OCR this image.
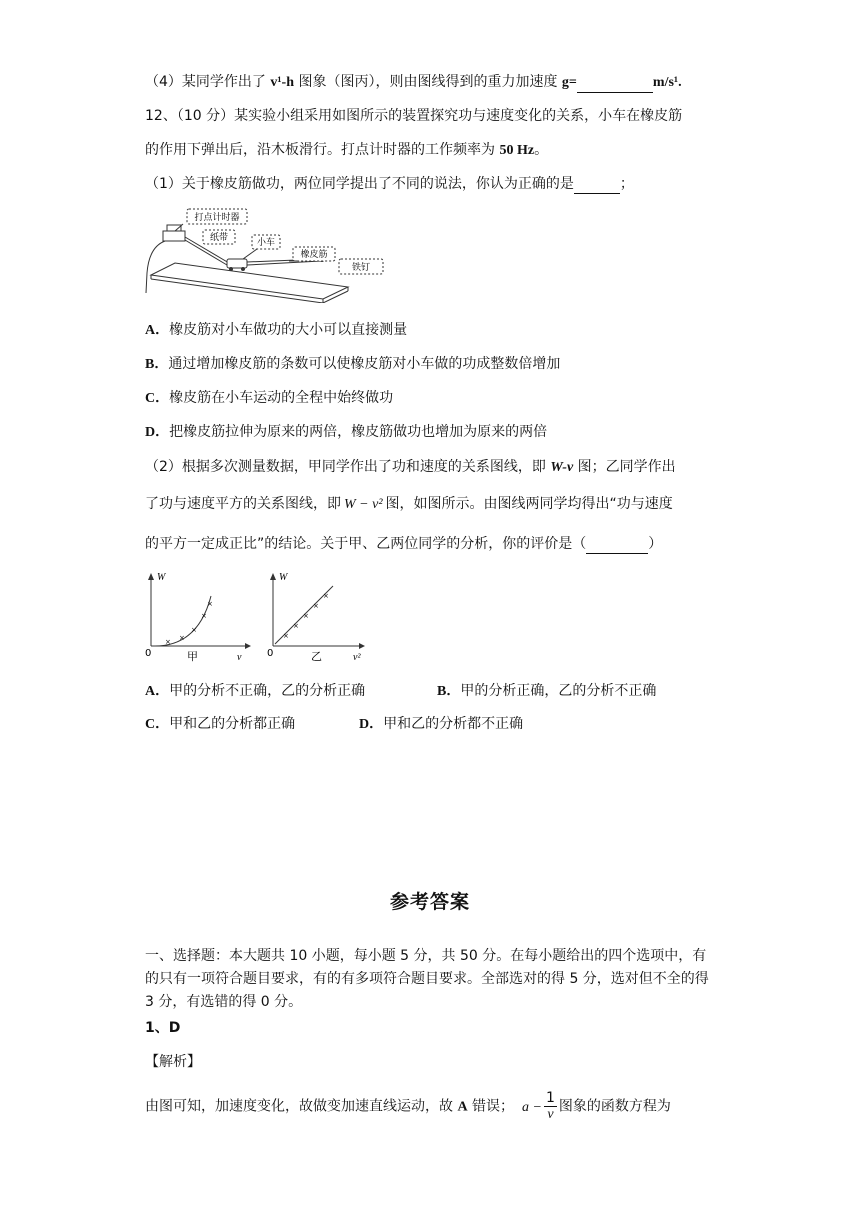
（4）某同学作出了 v¹-h 图象（图丙），则由图线得到的重力加速度 g=	m/s¹.
12、（10 分）某实验小组采用如图所示的装置探究功与速度变化的关系，小车在橡皮筋
的作用下弹出后，沿木板滑行。打点计时器的工作频率为 50 Hz。
（1）关于橡皮筋做功，两位同学提出了不同的说法，你认为正确的是	；
打点计时器
纸带	小车
橡皮筋
铁钉
A．橡皮筋对小车做功的大小可以直接测量
B．通过增加橡皮筋的条数可以使橡皮筋对小车做的功成整数倍增加
C．橡皮筋在小车运动的全程中始终做功
D．把橡皮筋拉伸为原来的两倍，橡皮筋做功也增加为原来的两倍
（2）根据多次测量数据，甲同学作出了功和速度的关系图线，即 W-v 图；乙同学作出
了功与速度平方的关系图线，即 W − v² 图，如图所示。由图线两同学均得出“功与速度
的平方一定成正比”的结论。关于甲、乙两位同学的分析，你的评价是（	）
W
0	甲	v
× ×
×
×
×
W
0	乙	v²
×
×
×
×
×
A．甲的分析不正确，乙的分析正确	B．甲的分析正确，乙的分析不正确
C．甲和乙的分析都正确	D．甲和乙的分析都不正确
参考答案
一、选择题：本大题共 10 小题，每小题 5 分，共 50 分。在每小题给出的四个选项中，有的只有一项符合题目要求，有的有多项符合题目要求。全部选对的得 5 分，选对但不全的得 3 分，有选错的得 0 分。
1、D
【解析】
由图可知，加速度变化，故做变加速直线运动，故 A 错误； $a - \frac{1}{v}$ 图象的函数方程为
